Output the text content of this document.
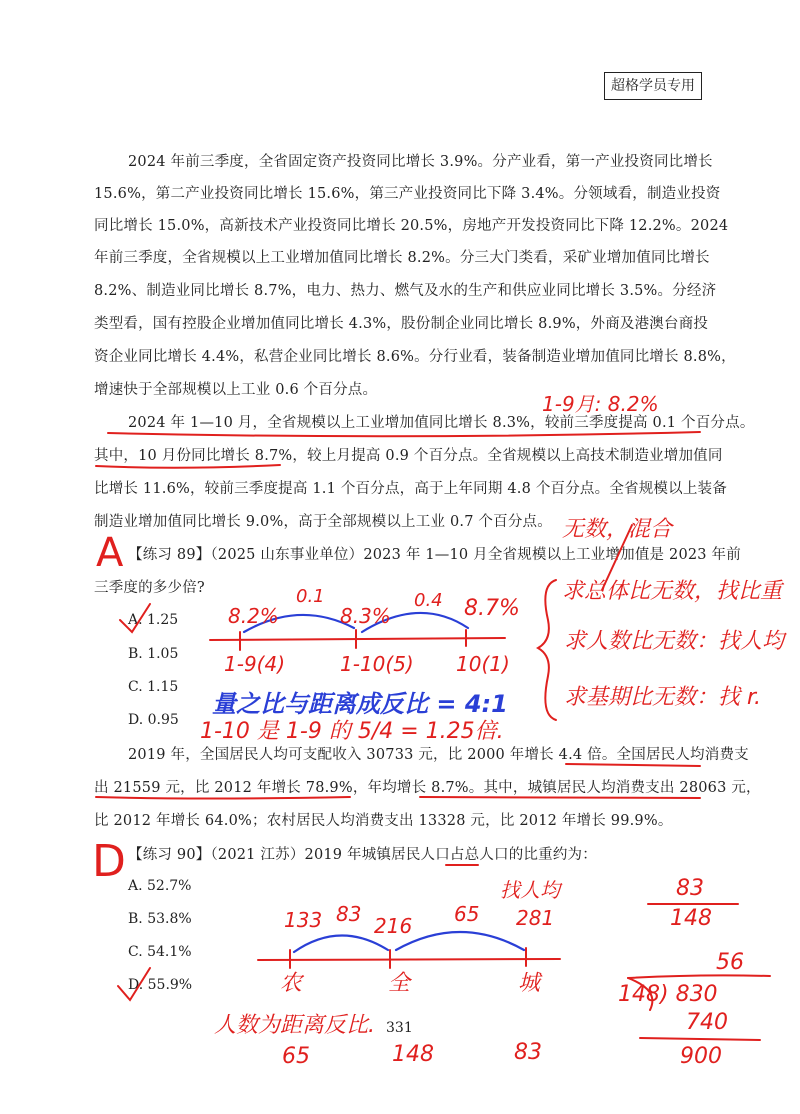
超格学员专用
2024 年前三季度，全省固定资产投资同比增长 3.9%。分产业看，第一产业投资同比增长
15.6%，第二产业投资同比增长 15.6%，第三产业投资同比下降 3.4%。分领域看，制造业投资
同比增长 15.0%，高新技术产业投资同比增长 20.5%，房地产开发投资同比下降 12.2%。2024
年前三季度，全省规模以上工业增加值同比增长 8.2%。分三大门类看，采矿业增加值同比增长
8.2%、制造业同比增长 8.7%，电力、热力、燃气及水的生产和供应业同比增长 3.5%。分经济
类型看，国有控股企业增加值同比增长 4.3%，股份制企业同比增长 8.9%，外商及港澳台商投
资企业同比增长 4.4%，私营企业同比增长 8.6%。分行业看，装备制造业增加值同比增长 8.8%，
增速快于全部规模以上工业 0.6 个百分点。
2024 年 1—10 月，全省规模以上工业增加值同比增长 8.3%，较前三季度提高 0.1 个百分点。
其中，10 月份同比增长 8.7%，较上月提高 0.9 个百分点。全省规模以上高技术制造业增加值同
比增长 11.6%，较前三季度提高 1.1 个百分点，高于上年同期 4.8 个百分点。全省规模以上装备
制造业增加值同比增长 9.0%，高于全部规模以上工业 0.7 个百分点。
【练习 89】（2025 山东事业单位）2023 年 1—10 月全省规模以上工业增加值是 2023 年前
三季度的多少倍?
A. 1.25
B. 1.05
C. 1.15
D. 0.95
2019 年，全国居民人均可支配收入 30733 元，比 2000 年增长 4.4 倍。全国居民人均消费支
出 21559 元，比 2012 年增长 78.9%，年均增长 8.7%。其中，城镇居民人均消费支出 28063 元，
比 2012 年增长 64.0%；农村居民人均消费支出 13328 元，比 2012 年增长 99.9%。
【练习 90】（2021 江苏）2019 年城镇居民人口占总人口的比重约为：
A. 52.7%
B. 53.8%
C. 54.1%
D. 55.9%
331
1-9月: 8.2%
无数，混合
A
D
8.2%
0.1
8.3%
0.4 8.7%
1-9(4)	1-10(5) 10(1)
量之比与距离成反比 = 4:1
1-10 是 1-9 的 5/4 = 1.25倍.
求总体比无数，找比重
求人数比无数：找人均
求基期比无数：找 r.
找人均
133 83 216 65 281
农	全	城
人数为距离反比.
65	148	83
83
148
56
148) 830
740
900
